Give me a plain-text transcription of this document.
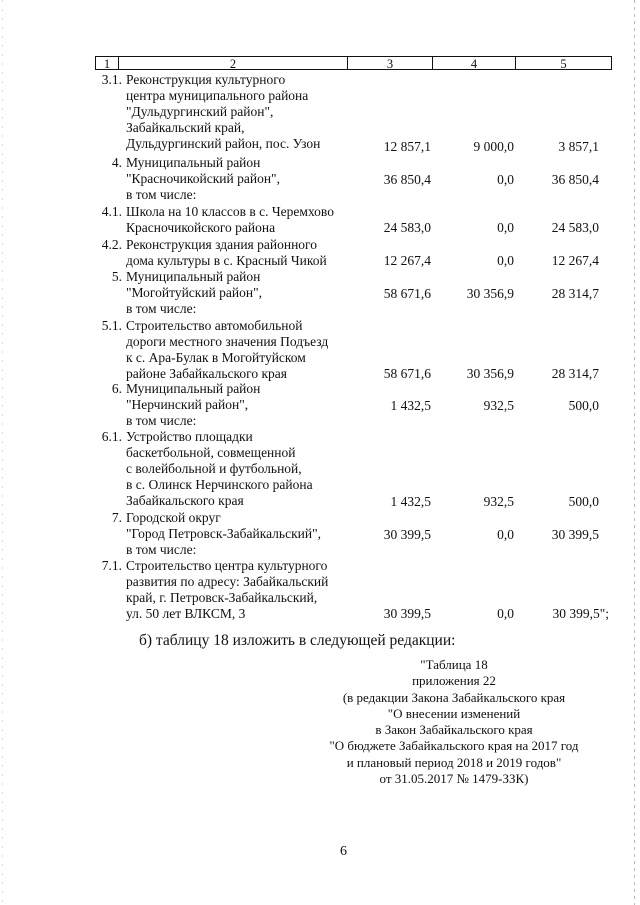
1	2	3	4	5
3.1. Реконструкция культурного
центра муниципального района
"Дульдургинский район",
Забайкальский край,
Дульдургинский район, пос. Узон	12 857,1	9 000,0	3 857,1
4. Муниципальный район
"Красночикойский район",
в том числе:
36 850,4	0,0	36 850,4
4.1. Школа на 10 классов в с. Черемхово
Красночикойского района	24 583,0	0,0	24 583,0
4.2. Реконструкция здания районного
дома культуры в с. Красный Чикой	12 267,4	0,0	12 267,4
5. Муниципальный район
"Могойтуйский район",
в том числе:
58 671,6	30 356,9	28 314,7
5.1. Строительство автомобильной
дороги местного значения Подъезд
к с. Ара-Булак в Могойтуйском
районе Забайкальского края	58 671,6	30 356,9	28 314,7
6. Муниципальный район
"Нерчинский район",
в том числе:
1 432,5	932,5	500,0
6.1. Устройство площадки
баскетбольной, совмещенной
с волейбольной и футбольной,
в с. Олинск Нерчинского района
Забайкальского края	1 432,5	932,5	500,0
7. Городской округ
"Город Петровск-Забайкальский",
в том числе:
30 399,5	0,0	30 399,5
7.1. Строительство центра культурного
развития по адресу: Забайкальский
край, г. Петровск-Забайкальский,
ул. 50 лет ВЛКСМ, 3	30 399,5	0,0	30 399,5";
б) таблицу 18 изложить в следующей редакции:
"Таблица 18
приложения 22
(в редакции Закона Забайкальского края
"О внесении изменений
в Закон Забайкальского края
"О бюджете Забайкальского края на 2017 год
и плановый период 2018 и 2019 годов"
от 31.05.2017 № 1479-ЗЗК)
6
